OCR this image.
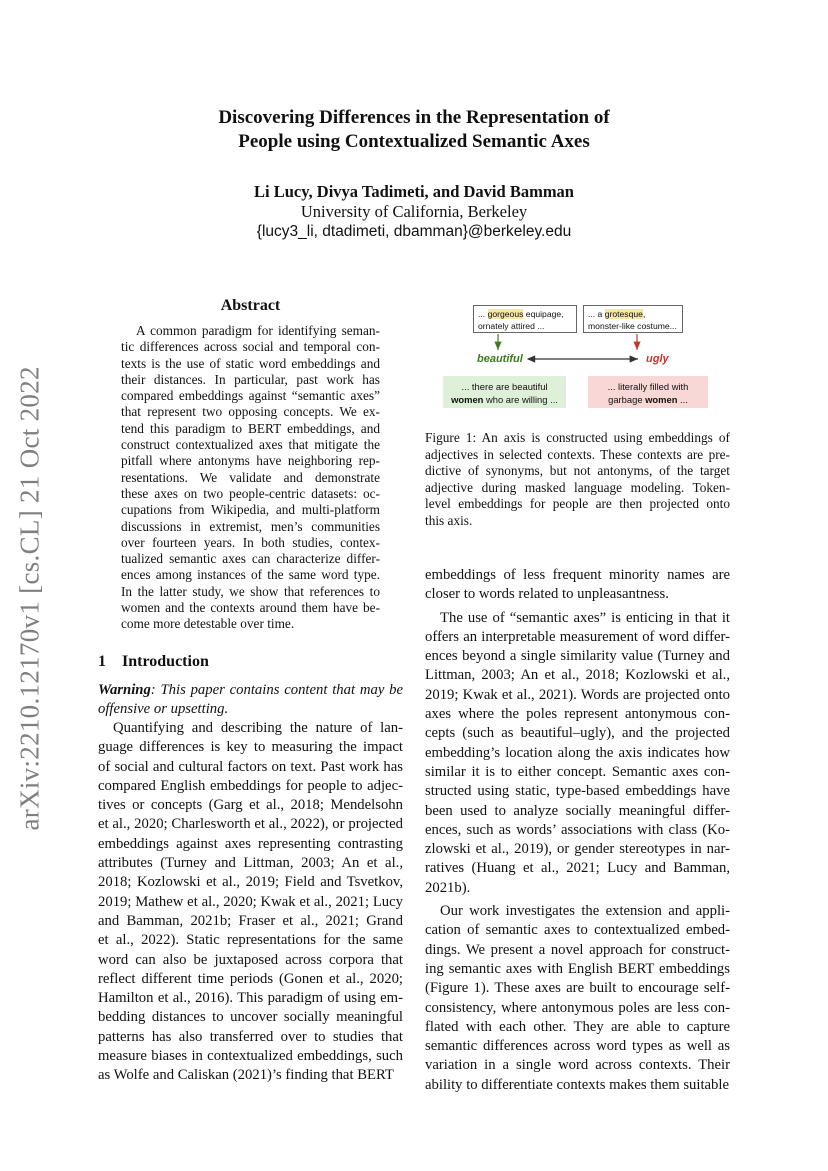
arXiv:2210.12170v1 [cs.CL] 21 Oct 2022
Discovering Differences in the Representation of
People using Contextualized Semantic Axes
Li Lucy, Divya Tadimeti, and David Bamman
University of California, Berkeley
{lucy3_li, dtadimeti, dbamman}@berkeley.edu
Abstract
A common paradigm for identifying seman-
tic differences across social and temporal con-
texts is the use of static word embeddings and
their distances. In particular, past work has
compared embeddings against “semantic axes”
that represent two opposing concepts. We ex-
tend this paradigm to BERT embeddings, and
construct contextualized axes that mitigate the
pitfall where antonyms have neighboring rep-
resentations. We validate and demonstrate
these axes on two people-centric datasets: oc-
cupations from Wikipedia, and multi-platform
discussions in extremist, men’s communities
over fourteen years. In both studies, contex-
tualized semantic axes can characterize differ-
ences among instances of the same word type.
In the latter study, we show that references to
women and the contexts around them have be-
come more detestable over time.
1 Introduction
Warning: This paper contains content that may be
offensive or upsetting.
Quantifying and describing the nature of lan-
guage differences is key to measuring the impact
of social and cultural factors on text. Past work has
compared English embeddings for people to adjec-
tives or concepts (Garg et al., 2018; Mendelsohn
et al., 2020; Charlesworth et al., 2022), or projected
embeddings against axes representing contrasting
attributes (Turney and Littman, 2003; An et al.,
2018; Kozlowski et al., 2019; Field and Tsvetkov,
2019; Mathew et al., 2020; Kwak et al., 2021; Lucy
and Bamman, 2021b; Fraser et al., 2021; Grand
et al., 2022). Static representations for the same
word can also be juxtaposed across corpora that
reflect different time periods (Gonen et al., 2020;
Hamilton et al., 2016). This paradigm of using em-
bedding distances to uncover socially meaningful
patterns has also transferred over to studies that
measure biases in contextualized embeddings, such
as Wolfe and Caliskan (2021)’s finding that BERT
... gorgeous equipage,
ornately attired ...
... a grotesque,
monster-like costume...
beautiful	ugly
... there are beautiful
women who are willing ...
... literally filled with
garbage women ...
Figure 1: An axis is constructed using embeddings of
adjectives in selected contexts. These contexts are pre-
dictive of synonyms, but not antonyms, of the target
adjective during masked language modeling. Token-
level embeddings for people are then projected onto
this axis.
embeddings of less frequent minority names are
closer to words related to unpleasantness.
The use of “semantic axes” is enticing in that it
offers an interpretable measurement of word differ-
ences beyond a single similarity value (Turney and
Littman, 2003; An et al., 2018; Kozlowski et al.,
2019; Kwak et al., 2021). Words are projected onto
axes where the poles represent antonymous con-
cepts (such as beautiful–ugly), and the projected
embedding’s location along the axis indicates how
similar it is to either concept. Semantic axes con-
structed using static, type-based embeddings have
been used to analyze socially meaningful differ-
ences, such as words’ associations with class (Ko-
zlowski et al., 2019), or gender stereotypes in nar-
ratives (Huang et al., 2021; Lucy and Bamman,
2021b).
Our work investigates the extension and appli-
cation of semantic axes to contextualized embed-
dings. We present a novel approach for construct-
ing semantic axes with English BERT embeddings
(Figure 1). These axes are built to encourage self-
consistency, where antonymous poles are less con-
flated with each other. They are able to capture
semantic differences across word types as well as
variation in a single word across contexts. Their
ability to differentiate contexts makes them suitable
